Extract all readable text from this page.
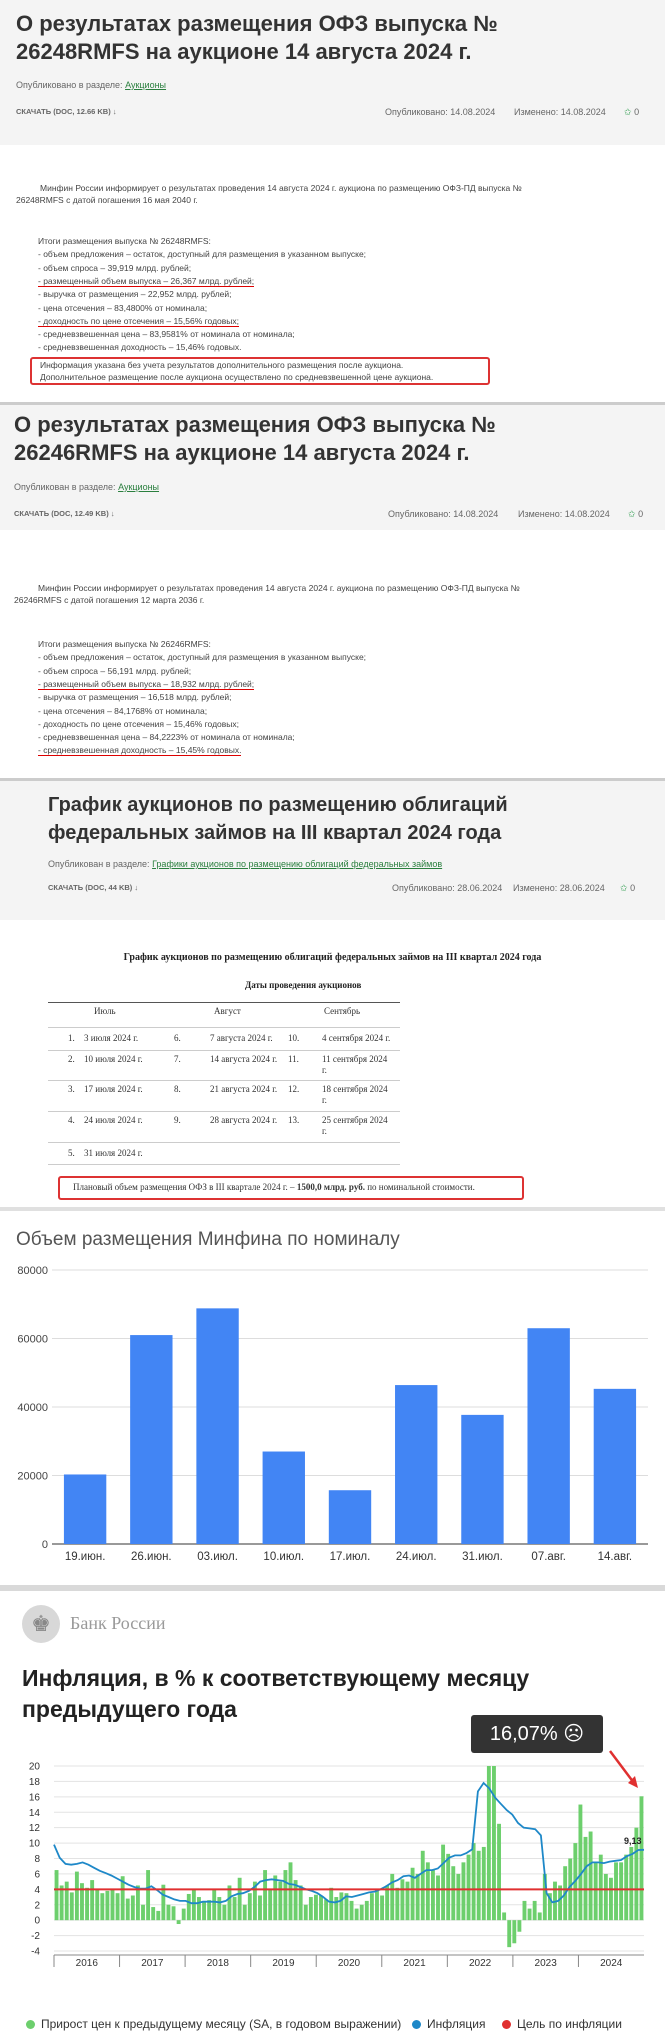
О результатах размещения ОФЗ выпуска №
26248RMFS на аукционе 14 августа 2024 г.
Опубликовано в разделе: Аукционы
СКАЧАТЬ (DOC, 12.66 KB) ↓	Опубликовано: 14.08.2024 Изменено: 14.08.2024 ✩ 0
Минфин России информирует о результатах проведения 14 августа 2024 г. аукциона по размещению ОФЗ-ПД выпуска №
26248RMFS с датой погашения 16 мая 2040 г.
Итоги размещения выпуска № 26248RMFS:
- объем предложения – остаток, доступный для размещения в указанном выпуске;
- объем спроса – 39,919 млрд. рублей;
- размещенный объем выпуска – 26,367 млрд. рублей;
- выручка от размещения – 22,952 млрд. рублей;
- цена отсечения – 83,4800% от номинала;
- доходность по цене отсечения – 15,56% годовых;
- средневзвешенная цена – 83,9581% от номинала от номинала;
- средневзвешенная доходность – 15,46% годовых.
Информация указана без учета результатов дополнительного размещения после аукциона.
Дополнительное размещение после аукциона осуществлено по средневзвешенной цене аукциона.
О результатах размещения ОФЗ выпуска №
26246RMFS на аукционе 14 августа 2024 г.
Опубликован в разделе: Аукционы
СКАЧАТЬ (DOC, 12.49 KB) ↓	Опубликовано: 14.08.2024 Изменено: 14.08.2024 ✩ 0
Минфин России информирует о результатах проведения 14 августа 2024 г. аукциона по размещению ОФЗ-ПД выпуска №
26246RMFS с датой погашения 12 марта 2036 г.
Итоги размещения выпуска № 26246RMFS:
- объем предложения – остаток, доступный для размещения в указанном выпуске;
- объем спроса – 56,191 млрд. рублей;
- размещенный объем выпуска – 18,932 млрд. рублей;
- выручка от размещения – 16,518 млрд. рублей;
- цена отсечения – 84,1768% от номинала;
- доходность по цене отсечения – 15,46% годовых;
- средневзвешенная цена – 84,2223% от номинала от номинала;
- средневзвешенная доходность – 15,45% годовых.
График аукционов по размещению облигаций
федеральных займов на III квартал 2024 года
Опубликован в разделе: Графики аукционов по размещению облигаций федеральных займов
СКАЧАТЬ (DOC, 44 KB) ↓	Опубликовано: 28.06.2024 Изменено: 28.06.2024 ✩ 0
График аукционов по размещению облигаций федеральных займов на III квартал 2024 года
Даты проведения аукционов
Июль	Август	Сентябрь
1. 3 июля 2024 г.	6.	7 августа 2024 г.	10.	4 сентября 2024 г.
2. 10 июля 2024 г.	7.	14 августа 2024 г.	11.	11 сентября 2024 г.
3. 17 июля 2024 г.	8.	21 августа 2024 г.	12.	18 сентября 2024 г.
4. 24 июля 2024 г.	9.	28 августа 2024 г.	13.	25 сентября 2024 г.
5. 31 июля 2024 г.
Плановый объем размещения ОФЗ в III квартале 2024 г. – 1500,0 млрд. руб. по номинальной стоимости.
Объем размещения Минфина по номиналу
80000
60000
40000
20000
0
19.июн. 26.июн. 03.июл. 10.июл. 17.июл. 24.июл. 31.июл. 07.авг.	14.авг.
♚	Банк России
Инфляция, в % к соответствующему месяцу
предыдущего года
16,07% ☹
20
18
16
14
12
10
8
6
4
2
0
-2
-4
2016	2017	2018	2019	2020	2021	2022	2023	2024
9,13
Прирост цен к предыдущему месяцу (SA, в годовом выражении)	Инфляция	Цель по инфляции
